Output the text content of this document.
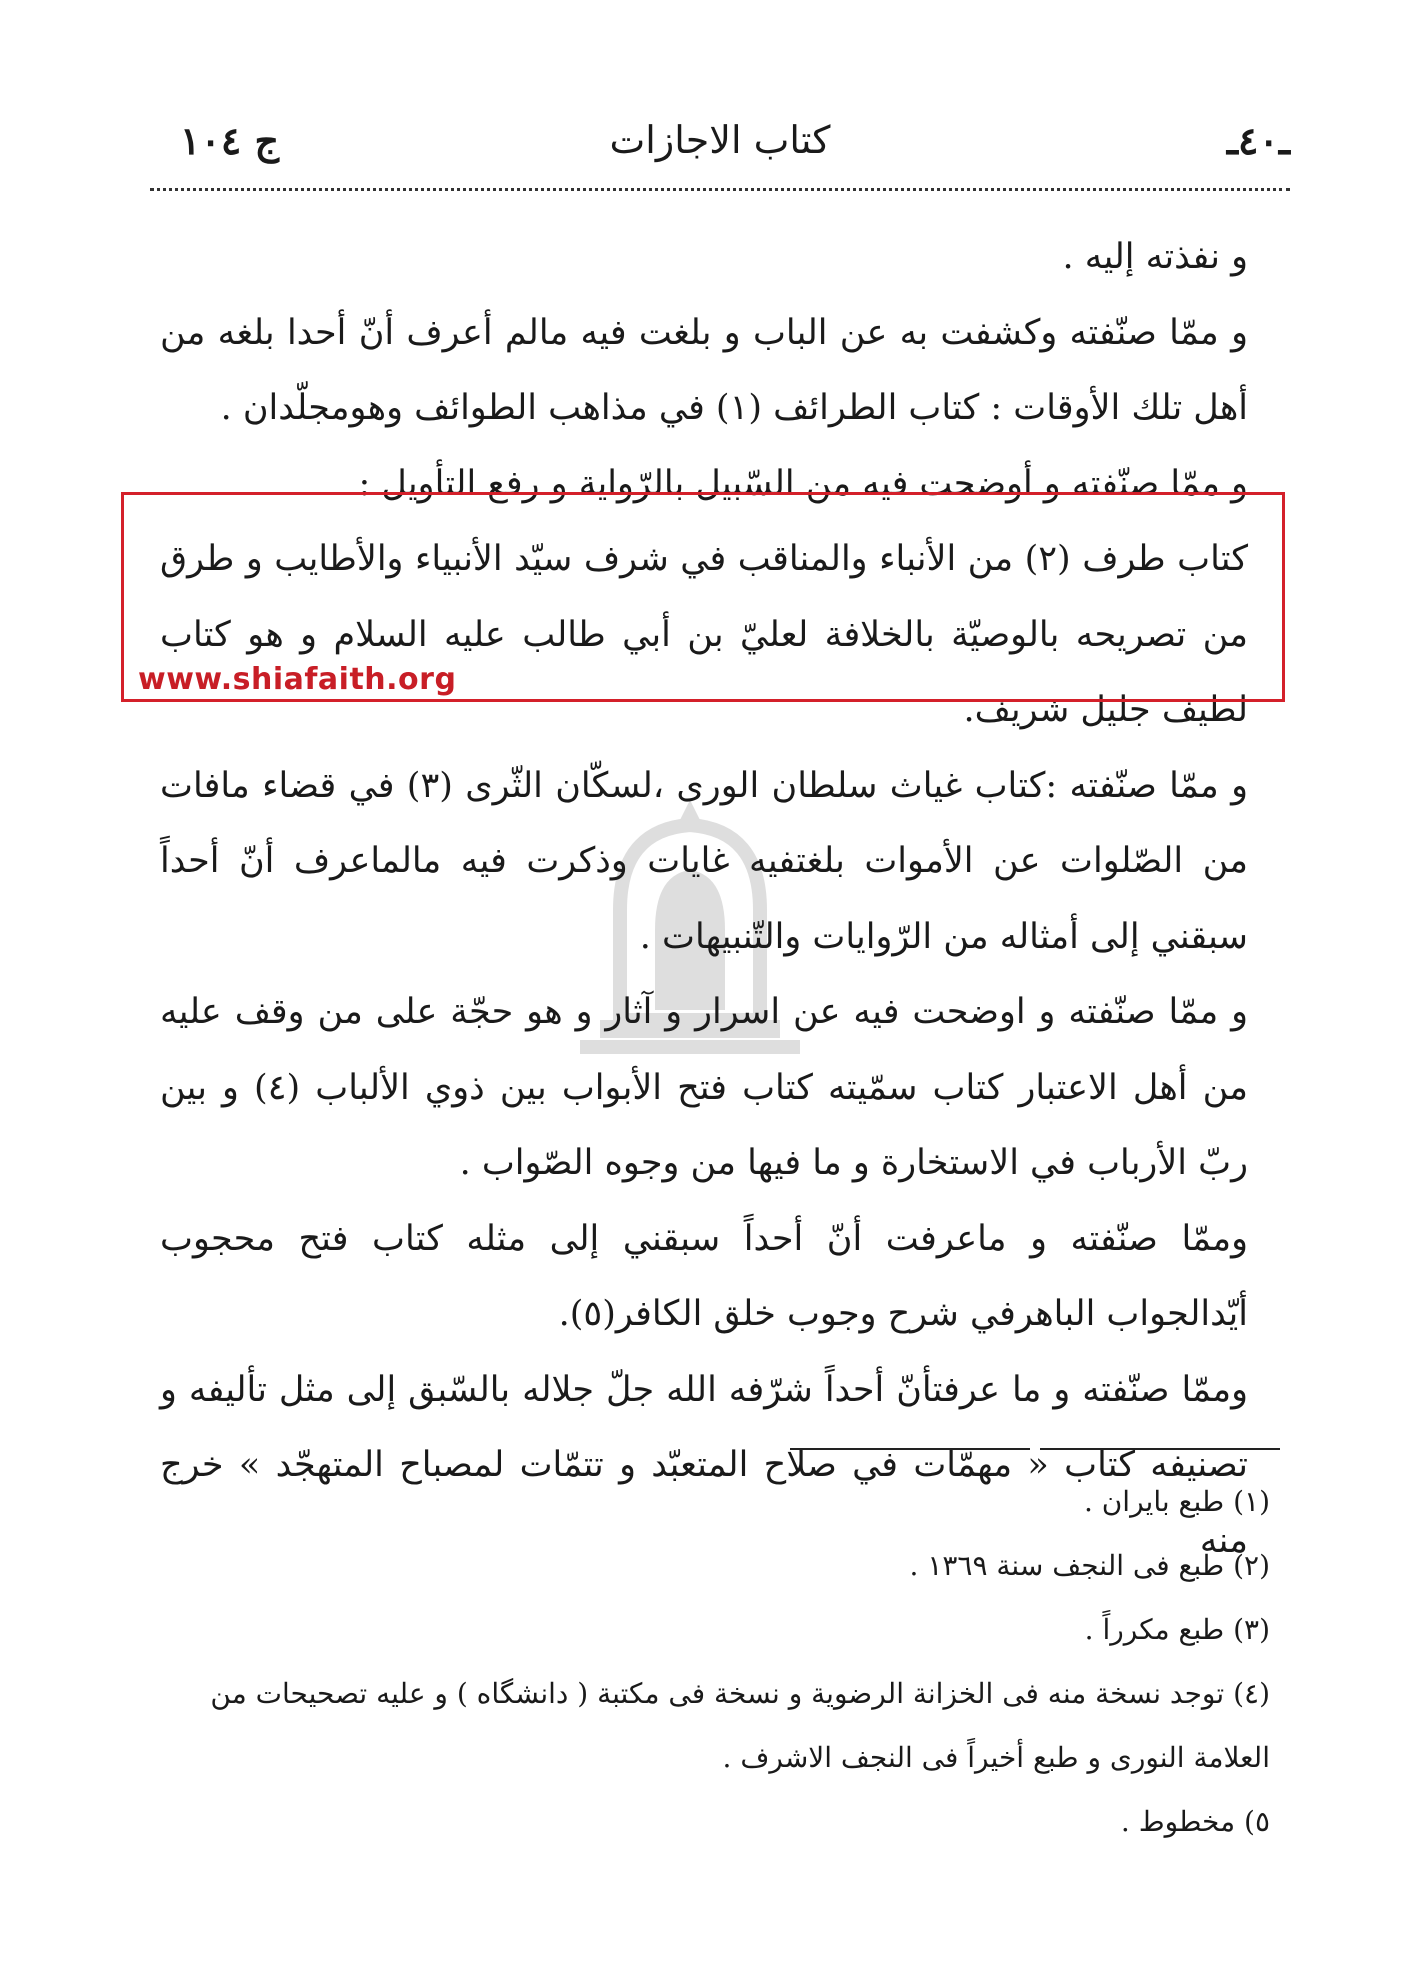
ـ٤٠ـ
كتاب الاجازات
ج ١٠٤

و نفذته إليه .

و ممّا صنّفته وكشفت به عن الباب و بلغت فيه مالم أعرف أنّ أحدا بلغه من أهل تلك الأوقات : كتاب الطرائف (١) في مذاهب الطوائف وهومجلّدان .

و ممّا صنّفته و أوضحت فيه من السّبيل بالرّواية و رفع التأويل :

كتاب طرف (٢) من الأنباء والمناقب في شرف سيّد الأنبياء والأطايب و طرق من تصريحه بالوصيّة بالخلافة لعليّ بن أبي طالب عليه السلام و هو كتاب لطيف جليل شريف.

و ممّا صنّفته :كتاب غياث سلطان الورى ،لسكّان الثّرى (٣) في قضاء مافات من الصّلوات عن الأموات بلغتفيه غايات وذكرت فيه مالماعرف أنّ أحداً سبقني إلى أمثاله من الرّوايات والتّنبيهات .

و ممّا صنّفته و اوضحت فيه عن اسرار و آثار و هو حجّة على من وقف عليه من أهل الاعتبار كتاب سمّيته كتاب فتح الأبواب بين ذوي الألباب (٤) و بين ربّ الأرباب في الاستخارة و ما فيها من وجوه الصّواب .

وممّا صنّفته و ماعرفت أنّ أحداً سبقني إلى مثله كتاب فتح محجوب أيّدالجواب الباهرفي شرح وجوب خلق الكافر(٥).

وممّا صنّفته و ما عرفتأنّ أحداً شرّفه الله جلّ جلاله بالسّبق إلى مثل تأليفه و تصنيفه كتاب « مهمّات في صلاح المتعبّد و تتمّات لمصباح المتهجّد » خرج منه

www.shiafaith.org

(١) طبع بايران .

(٢) طبع فى النجف سنة ١٣٦٩ .

(٣) طبع مكرراً .

(٤) توجد نسخة منه فى الخزانة الرضوية و نسخة فى مكتبة ( دانشگاه ) و عليه تصحيحات من العلامة النورى و طبع أخيراً فى النجف الاشرف .

٥) مخطوط .
